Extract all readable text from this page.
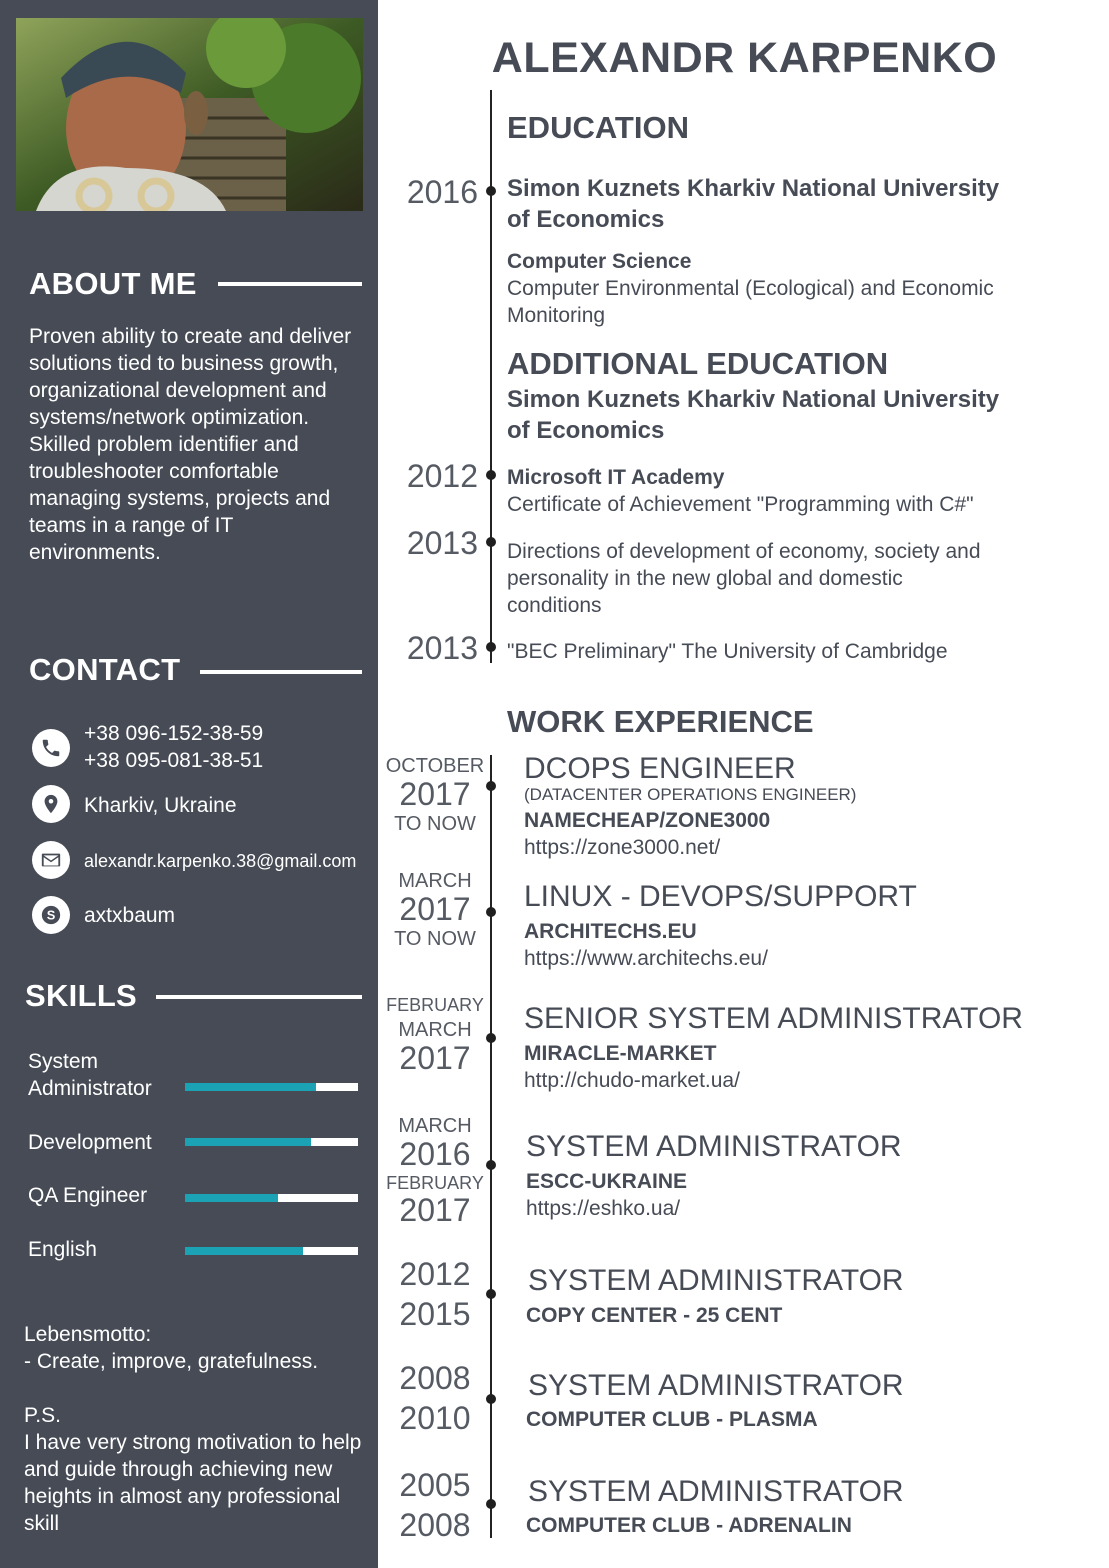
ABOUT ME
Proven ability to create and deliver solutions tied to business growth, organizational development and systems/network optimization. Skilled problem identifier and troubleshooter comfortable managing systems, projects and teams in a range of IT environments.
CONTACT
+38 096-152-38-59
+38 095-081-38-51
Kharkiv, Ukraine
alexandr.karpenko.38@gmail.com
S axtxbaum
SKILLS
System
Administrator
Development
QA Engineer
English
Lebensmotto:
- Create, improve, gratefulness.

P.S.
I have very strong motivation to help and guide through achieving new heights in almost any professional skill
ALEXANDR KARPENKO
EDUCATION
2016 Simon Kuznets Kharkiv National University
of Economics
Computer Science
Computer Environmental (Ecological) and Economic
Monitoring
ADDITIONAL EDUCATION
Simon Kuznets Kharkiv National University
of Economics
2012 Microsoft IT Academy
Certificate of Achievement "Programming with C#"
2013 Directions of development of economy, society and
personality in the new global and domestic
conditions
2013 "BEC Preliminary" The University of Cambridge
WORK EXPERIENCE
OCTOBER
2017
TO NOW
DCOPS ENGINEER
(DATACENTER OPERATIONS ENGINEER)
NAMECHEAP/ZONE3000
https://zone3000.net/
MARCH
2017
TO NOW
LINUX - DEVOPS/SUPPORT
ARCHITECHS.EU
https://www.architechs.eu/
FEBRUARY
MARCH
2017
SENIOR SYSTEM ADMINISTRATOR
MIRACLE-MARKET
http://chudo-market.ua/
MARCH
2016
FEBRUARY
2017
SYSTEM ADMINISTRATOR
ESCC-UKRAINE
https://eshko.ua/
2012
2015
SYSTEM ADMINISTRATOR
COPY CENTER - 25 CENT
2008
2010
SYSTEM ADMINISTRATOR
COMPUTER CLUB - PLASMA
2005
2008
SYSTEM ADMINISTRATOR
COMPUTER CLUB - ADRENALIN
